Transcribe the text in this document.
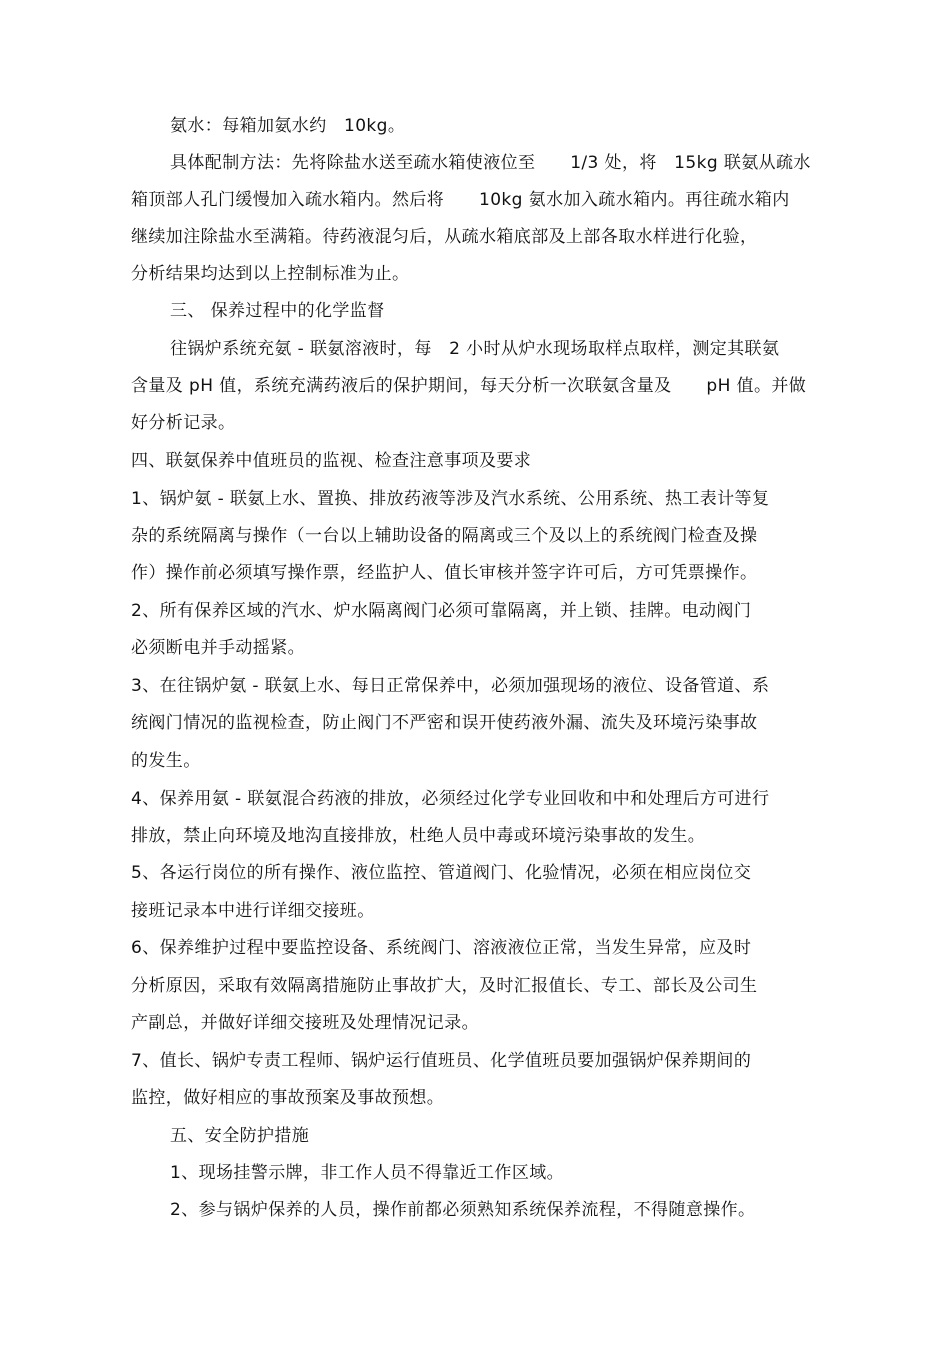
氨水：每箱加氨水约　10kg。

具体配制方法：先将除盐水送至疏水箱使液位至　　1/3 处，将　15kg 联氨从疏水

箱顶部人孔门缓慢加入疏水箱内。然后将　　10kg 氨水加入疏水箱内。再往疏水箱内

继续加注除盐水至满箱。待药液混匀后，从疏水箱底部及上部各取水样进行化验，

分析结果均达到以上控制标准为止。

三、 保养过程中的化学监督

往锅炉系统充氨 - 联氨溶液时，每　2 小时从炉水现场取样点取样，测定其联氨

含量及 pH 值，系统充满药液后的保护期间，每天分析一次联氨含量及　　pH 值。并做

好分析记录。

四、联氨保养中值班员的监视、检查注意事项及要求

1、锅炉氨 - 联氨上水、置换、排放药液等涉及汽水系统、公用系统、热工表计等复

杂的系统隔离与操作（一台以上辅助设备的隔离或三个及以上的系统阀门检查及操

作）操作前必须填写操作票，经监护人、值长审核并签字许可后，方可凭票操作。

2、所有保养区域的汽水、炉水隔离阀门必须可靠隔离，并上锁、挂牌。电动阀门

必须断电并手动摇紧。

3、在往锅炉氨 - 联氨上水、每日正常保养中，必须加强现场的液位、设备管道、系

统阀门情况的监视检查，防止阀门不严密和误开使药液外漏、流失及环境污染事故

的发生。

4、保养用氨 - 联氨混合药液的排放，必须经过化学专业回收和中和处理后方可进行

排放，禁止向环境及地沟直接排放，杜绝人员中毒或环境污染事故的发生。

5、各运行岗位的所有操作、液位监控、管道阀门、化验情况，必须在相应岗位交

接班记录本中进行详细交接班。

6、保养维护过程中要监控设备、系统阀门、溶液液位正常，当发生异常，应及时

分析原因，采取有效隔离措施防止事故扩大，及时汇报值长、专工、部长及公司生

产副总，并做好详细交接班及处理情况记录。

7、值长、锅炉专责工程师、锅炉运行值班员、化学值班员要加强锅炉保养期间的

监控，做好相应的事故预案及事故预想。

五、安全防护措施

1、现场挂警示牌，非工作人员不得靠近工作区域。

2、参与锅炉保养的人员，操作前都必须熟知系统保养流程，不得随意操作。
